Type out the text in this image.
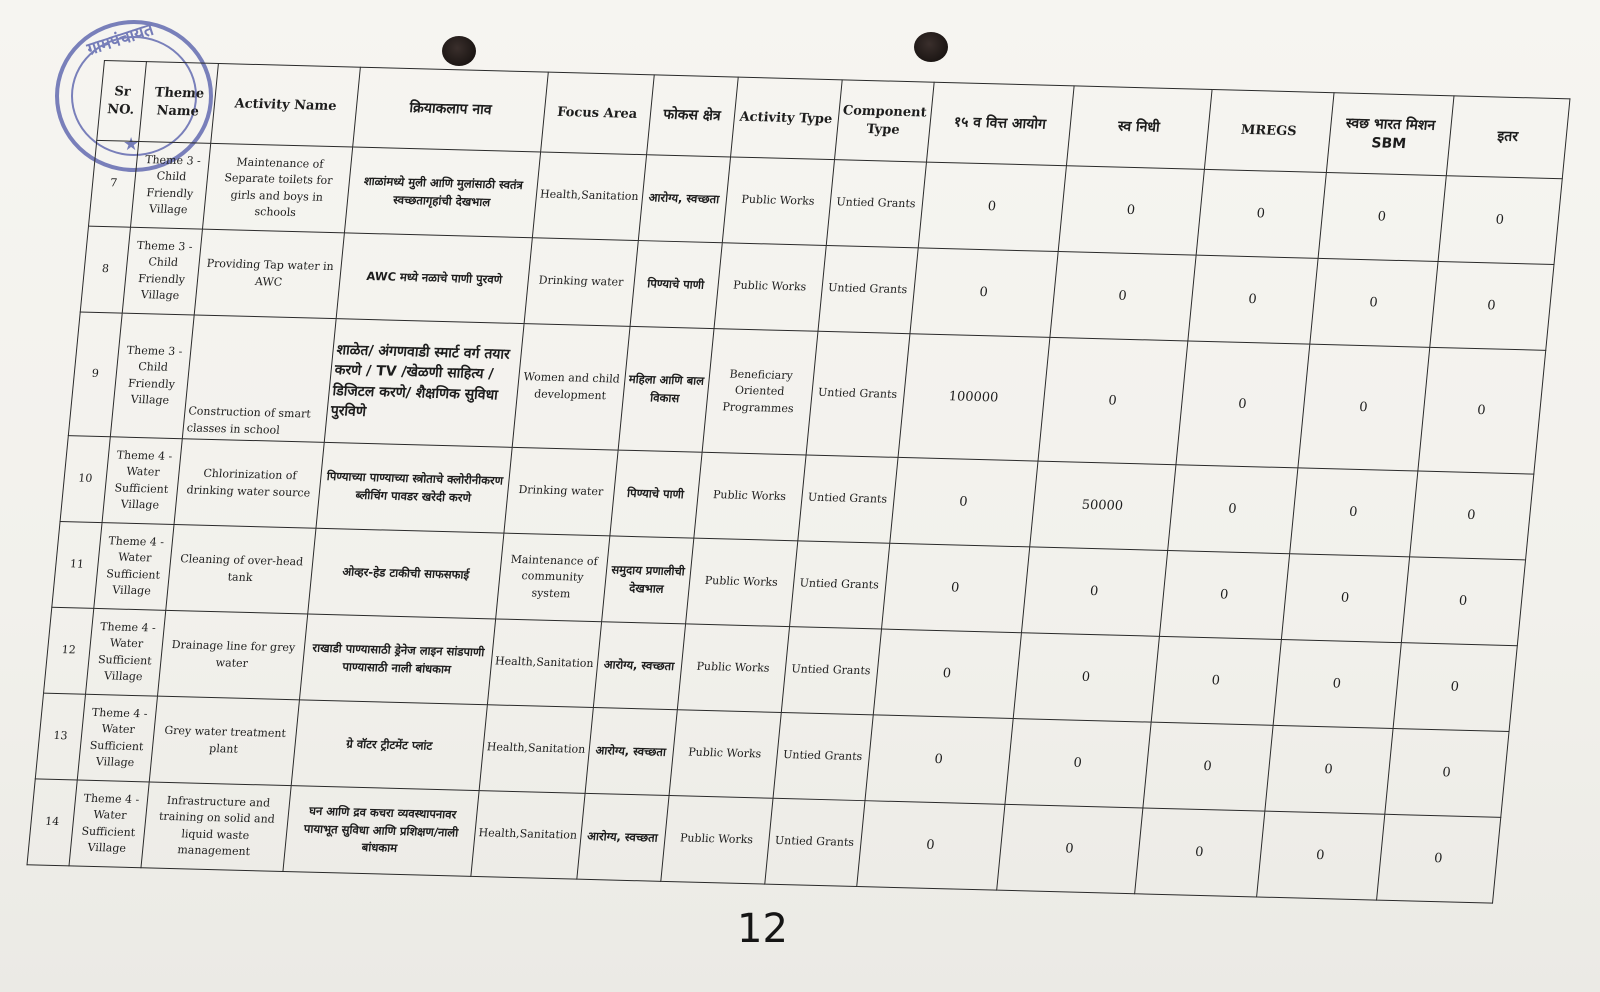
ग्रामपंचायत
★
Sr NO.	Theme Name	Activity Name	क्रियाकलाप नाव	Focus Area	फोकस क्षेत्र	Activity Type	Component Type	१५ व वित्त आयोग	स्व निधी	MREGS	स्वछ भारत मिशन SBM	इतर
7	Theme 3 - Child Friendly Village	Maintenance of Separate toilets for girls and boys in schools	शाळांमध्ये मुली आणि मुलांसाठी स्वतंत्र स्वच्छतागृहांची देखभाल	Health,Sanitation	आरोग्य, स्वच्छता	Public Works	Untied Grants	0	0	0	0	0
8	Theme 3 - Child Friendly Village	Providing Tap water in AWC	AWC मध्ये नळाचे पाणी पुरवणे	Drinking water	पिण्याचे पाणी	Public Works	Untied Grants	0	0	0	0	0
9	Theme 3 - Child Friendly Village	Construction of smart classes in school	शाळेत/ अंगणवाडी स्मार्ट वर्ग तयार करणे / TV /खेळणी साहित्य / डिजिटल करणे/ शैक्षणिक सुविधा पुरविणे	Women and child development	महिला आणि बाल विकास	Beneficiary Oriented Programmes	Untied Grants	100000	0	0	0	0
10	Theme 4 - Water Sufficient Village	Chlorinization of drinking water source	पिण्याच्या पाण्याच्या स्त्रोताचे क्लोरीनीकरण ब्लीचिंग पावडर खरेदी करणे	Drinking water	पिण्याचे पाणी	Public Works	Untied Grants	0	50000	0	0	0
11	Theme 4 - Water Sufficient Village	Cleaning of over-head tank	ओव्हर-हेड टाकीची साफसफाई	Maintenance of community system	समुदाय प्रणालीची देखभाल	Public Works	Untied Grants	0	0	0	0	0
12	Theme 4 - Water Sufficient Village	Drainage line for grey water	राखाडी पाण्यासाठी ड्रेनेज लाइन सांडपाणी पाण्यासाठी नाली बांधकाम	Health,Sanitation	आरोग्य, स्वच्छता	Public Works	Untied Grants	0	0	0	0	0
13	Theme 4 - Water Sufficient Village	Grey water treatment plant	ग्रे वॉटर ट्रीटमेंट प्लांट	Health,Sanitation	आरोग्य, स्वच्छता	Public Works	Untied Grants	0	0	0	0	0
14	Theme 4 - Water Sufficient Village	Infrastructure and training on solid and liquid waste management	घन आणि द्रव कचरा व्यवस्थापनावर पायाभूत सुविधा आणि प्रशिक्षण/नाली बांधकाम	Health,Sanitation	आरोग्य, स्वच्छता	Public Works	Untied Grants	0	0	0	0	0
12
